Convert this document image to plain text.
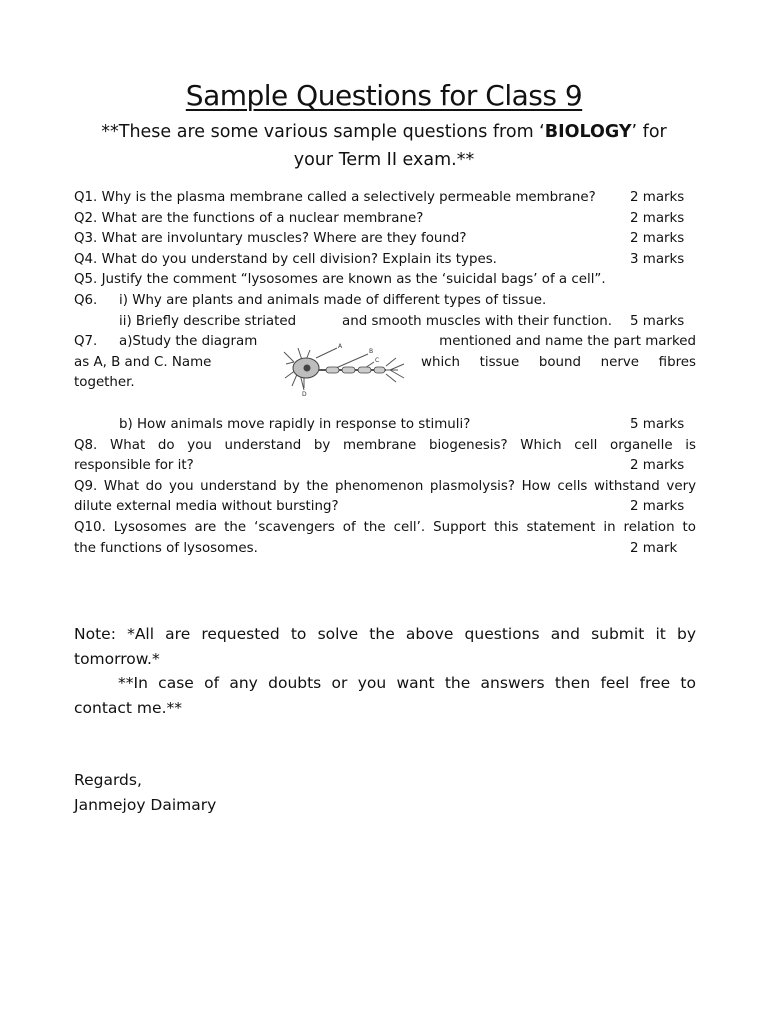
Sample Questions for Class 9
**These are some various sample questions from ‘BIOLOGY’ for your Term II exam.**
Q1. Why is the plasma membrane called a selectively permeable membrane?	2 marks
Q2. What are the functions of a nuclear membrane?	2 marks
Q3. What are involuntary muscles? Where are they found?	2 marks
Q4. What do you understand by cell division? Explain its types.	3 marks
Q5. Justify the comment “lysosomes are known as the ‘suicidal bags’ of a cell”.
Q6. i) Why are plants and animals made of different types of tissue.
ii) Briefly describe striated	and smooth muscles with their function. 5 marks
Q7. a)Study the diagram	mentioned and name the part marked
as A, B and C. Name	which tissue bound nerve fibres
together.
A
B
C
D
b) How animals move rapidly in response to stimuli?	5 marks
Q8. What do you understand by membrane biogenesis? Which cell organelle is
responsible for it?	2 marks
Q9. What do you understand by the phenomenon plasmolysis? How cells withstand very
dilute external media without bursting?	2 marks
Q10. Lysosomes are the ‘scavengers of the cell’. Support this statement in relation to
the functions of lysosomes.	2 mark
Note: *All are requested to solve the above questions and submit it by
tomorrow.*
**In case of any doubts or you want the answers then feel free to
contact me.**
Regards,
Janmejoy Daimary
